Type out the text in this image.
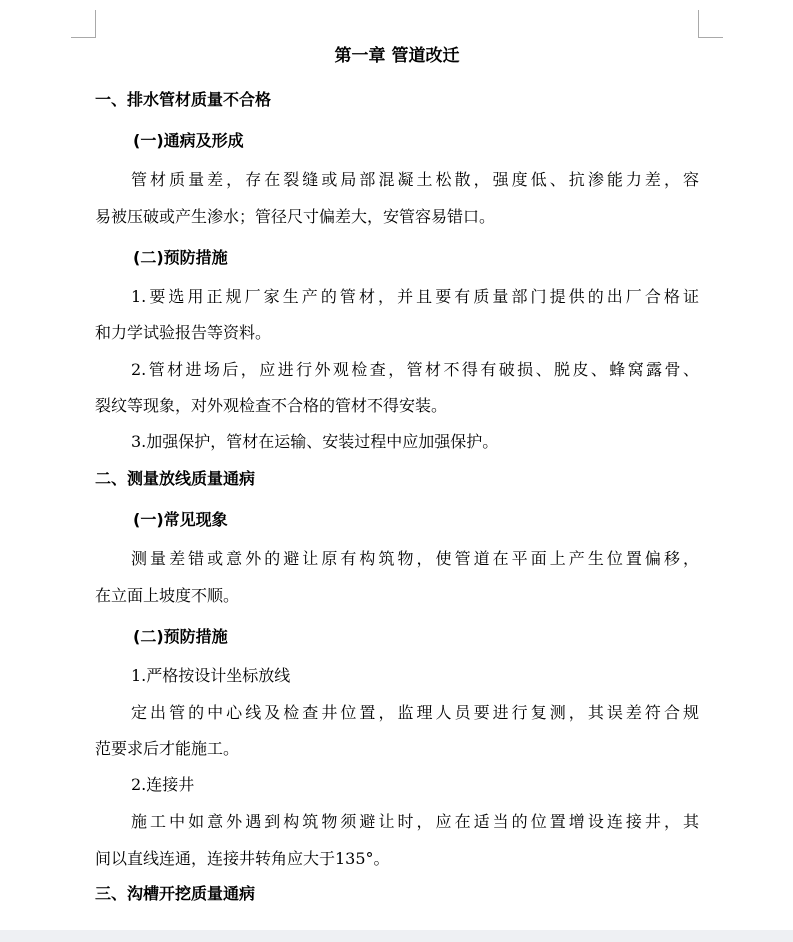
第一章 管道改迁
一、排水管材质量不合格
(一)通病及形成
管材质量差，存在裂缝或局部混凝土松散，强度低、抗渗能力差，容
易被压破或产生渗水；管径尺寸偏差大，安管容易错口。
(二)预防措施
1.要选用正规厂家生产的管材，并且要有质量部门提供的出厂合格证
和力学试验报告等资料。
2.管材进场后，应进行外观检查，管材不得有破损、脱皮、蜂窝露骨、
裂纹等现象，对外观检查不合格的管材不得安装。
3.加强保护，管材在运输、安装过程中应加强保护。
二、测量放线质量通病
(一)常见现象
测量差错或意外的避让原有构筑物，使管道在平面上产生位置偏移，
在立面上坡度不顺。
(二)预防措施
1.严格按设计坐标放线
定出管的中心线及检查井位置，监理人员要进行复测，其误差符合规
范要求后才能施工。
2.连接井
施工中如意外遇到构筑物须避让时，应在适当的位置增设连接井，其
间以直线连通，连接井转角应大于135°。
三、沟槽开挖质量通病
